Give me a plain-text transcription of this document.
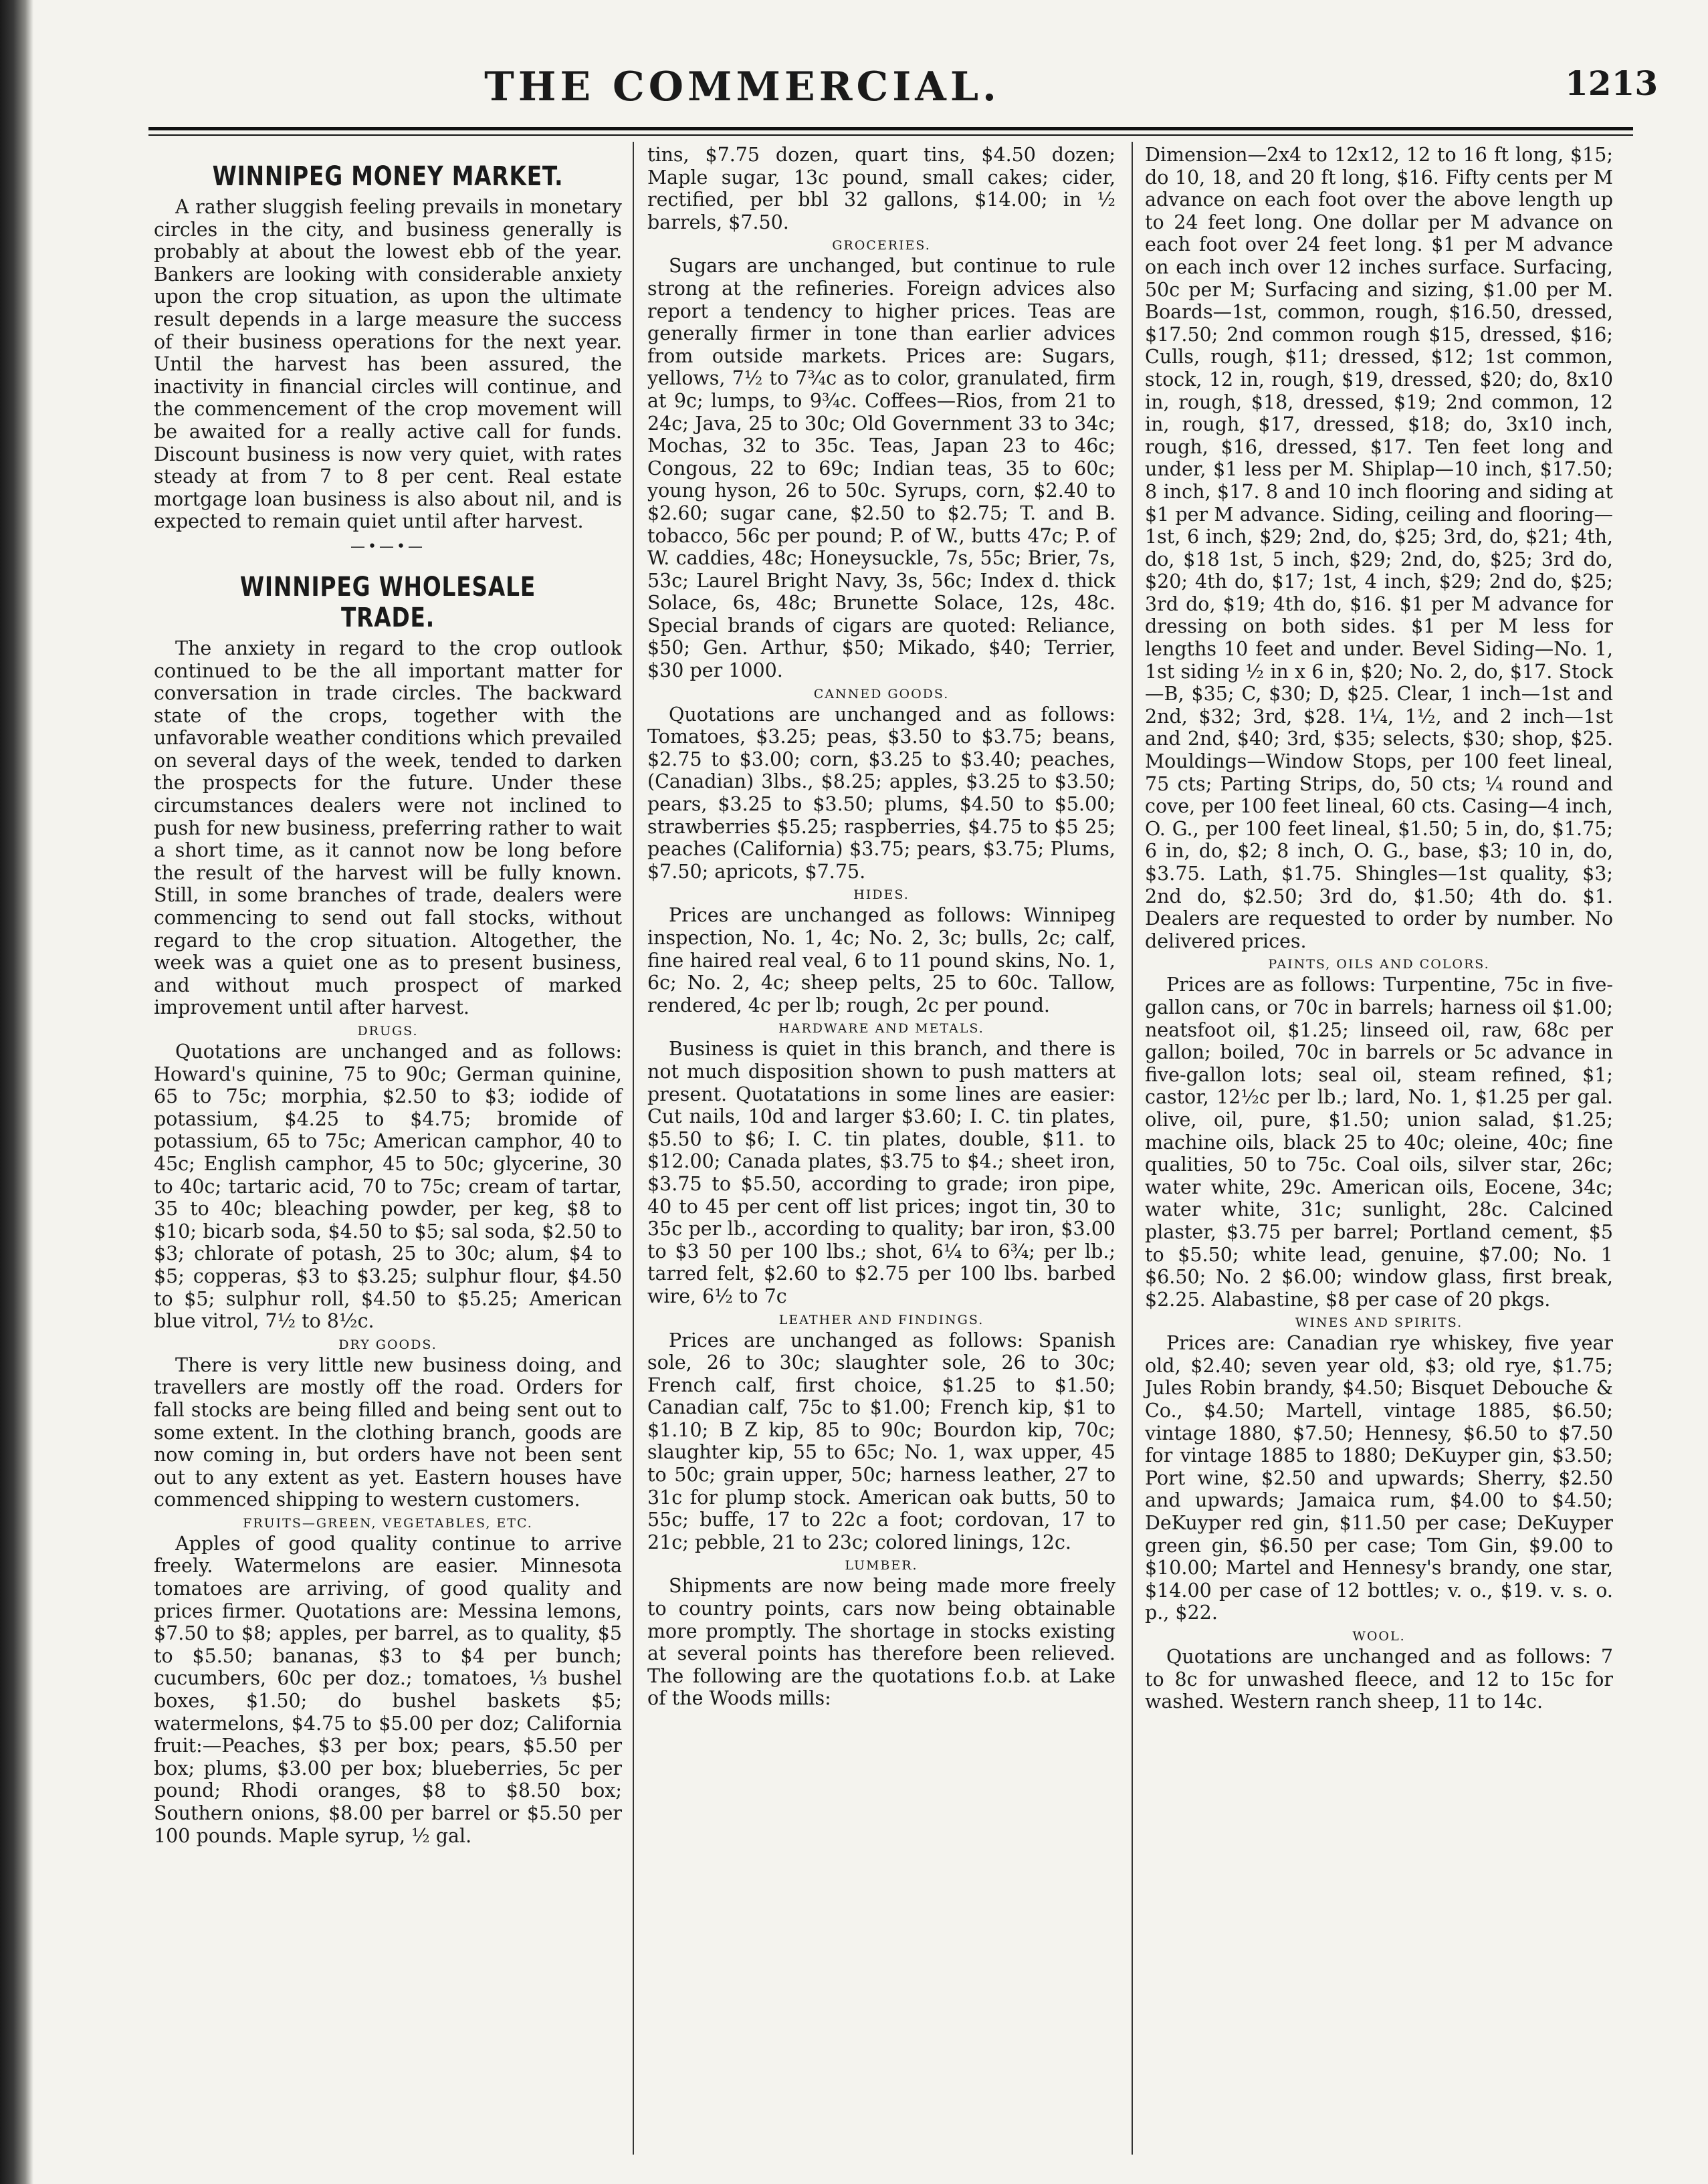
THE COMMERCIAL.	1213
WINNIPEG MONEY MARKET.

A rather sluggish feeling prevails in monetary circles in the city, and business generally is probably at about the lowest ebb of the year. Bankers are looking with considerable anxiety upon the crop situation, as upon the ultimate result depends in a large measure the success of their business operations for the next year. Until the harvest has been assured, the inactivity in financial circles will continue, and the commencement of the crop movement will be awaited for a really active call for funds. Discount business is now very quiet, with rates steady at from 7 to 8 per cent. Real estate mortgage loan business is also about nil, and is expected to remain quiet until after harvest.

—•—•—
WINNIPEG WHOLESALE TRADE.

The anxiety in regard to the crop outlook continued to be the all important matter for conversation in trade circles. The backward state of the crops, together with the unfavorable weather conditions which prevailed on several days of the week, tended to darken the prospects for the future. Under these circumstances dealers were not inclined to push for new business, preferring rather to wait a short time, as it cannot now be long before the result of the harvest will be fully known. Still, in some branches of trade, dealers were commencing to send out fall stocks, without regard to the crop situation. Altogether, the week was a quiet one as to present business, and without much prospect of marked improvement until after harvest.

DRUGS.

Quotations are unchanged and as follows: Howard's quinine, 75 to 90c; German quinine, 65 to 75c; morphia, $2.50 to $3; iodide of potassium, $4.25 to $4.75; bromide of potassium, 65 to 75c; American camphor, 40 to 45c; English camphor, 45 to 50c; glycerine, 30 to 40c; tartaric acid, 70 to 75c; cream of tartar, 35 to 40c; bleaching powder, per keg, $8 to $10; bicarb soda, $4.50 to $5; sal soda, $2.50 to $3; chlorate of potash, 25 to 30c; alum, $4 to $5; copperas, $3 to $3.25; sulphur flour, $4.50 to $5; sulphur roll, $4.50 to $5.25; American blue vitrol, 7½ to 8½c.

DRY GOODS.

There is very little new business doing, and travellers are mostly off the road. Orders for fall stocks are being filled and being sent out to some extent. In the clothing branch, goods are now coming in, but orders have not been sent out to any extent as yet. Eastern houses have commenced shipping to western customers.

FRUITS—GREEN, VEGETABLES, ETC.

Apples of good quality continue to arrive freely. Watermelons are easier. Minnesota tomatoes are arriving, of good quality and prices firmer. Quotations are: Messina lemons, $7.50 to $8; apples, per barrel, as to quality, $5 to $5.50; bananas, $3 to $4 per bunch; cucumbers, 60c per doz.; tomatoes, ⅓ bushel boxes, $1.50; do bushel baskets $5; watermelons, $4.75 to $5.00 per doz; California fruit:—Peaches, $3 per box; pears, $5.50 per box; plums, $3.00 per box; blueberries, 5c per pound; Rhodi oranges, $8 to $8.50 box; Southern onions, $8.00 per barrel or $5.50 per 100 pounds. Maple syrup, ½ gal.

tins, $7.75 dozen, quart tins, $4.50 dozen; Maple sugar, 13c pound, small cakes; cider, rectified, per bbl 32 gallons, $14.00; in ½ barrels, $7.50.

GROCERIES.

Sugars are unchanged, but continue to rule strong at the refineries. Foreign advices also report a tendency to higher prices. Teas are generally firmer in tone than earlier advices from outside markets. Prices are: Sugars, yellows, 7½ to 7¾c as to color, granulated, firm at 9c; lumps, to 9¾c. Coffees—Rios, from 21 to 24c; Java, 25 to 30c; Old Government 33 to 34c; Mochas, 32 to 35c. Teas, Japan 23 to 46c; Congous, 22 to 69c; Indian teas, 35 to 60c; young hyson, 26 to 50c. Syrups, corn, $2.40 to $2.60; sugar cane, $2.50 to $2.75; T. and B. tobacco, 56c per pound; P. of W., butts 47c; P. of W. caddies, 48c; Honeysuckle, 7s, 55c; Brier, 7s, 53c; Laurel Bright Navy, 3s, 56c; Index d. thick Solace, 6s, 48c; Brunette Solace, 12s, 48c. Special brands of cigars are quoted: Reliance, $50; Gen. Arthur, $50; Mikado, $40; Terrier, $30 per 1000.

CANNED GOODS.

Quotations are unchanged and as follows: Tomatoes, $3.25; peas, $3.50 to $3.75; beans, $2.75 to $3.00; corn, $3.25 to $3.40; peaches, (Canadian) 3lbs., $8.25; apples, $3.25 to $3.50; pears, $3.25 to $3.50; plums, $4.50 to $5.00; strawberries $5.25; raspberries, $4.75 to $5 25; peaches (California) $3.75; pears, $3.75; Plums, $7.50; apricots, $7.75.

HIDES.

Prices are unchanged as follows: Winnipeg inspection, No. 1, 4c; No. 2, 3c; bulls, 2c; calf, fine haired real veal, 6 to 11 pound skins, No. 1, 6c; No. 2, 4c; sheep pelts, 25 to 60c. Tallow, rendered, 4c per lb; rough, 2c per pound.

HARDWARE AND METALS.

Business is quiet in this branch, and there is not much disposition shown to push matters at present. Quotatations in some lines are easier: Cut nails, 10d and larger $3.60; I. C. tin plates, $5.50 to $6; I. C. tin plates, double, $11. to $12.00; Canada plates, $3.75 to $4.; sheet iron, $3.75 to $5.50, according to grade; iron pipe, 40 to 45 per cent off list prices; ingot tin, 30 to 35c per lb., according to quality; bar iron, $3.00 to $3 50 per 100 lbs.; shot, 6¼ to 6¾; per lb.; tarred felt, $2.60 to $2.75 per 100 lbs. barbed wire, 6½ to 7c

LEATHER AND FINDINGS.

Prices are unchanged as follows: Spanish sole, 26 to 30c; slaughter sole, 26 to 30c; French calf, first choice, $1.25 to $1.50; Canadian calf, 75c to $1.00; French kip, $1 to $1.10; B Z kip, 85 to 90c; Bourdon kip, 70c; slaughter kip, 55 to 65c; No. 1, wax upper, 45 to 50c; grain upper, 50c; harness leather, 27 to 31c for plump stock. American oak butts, 50 to 55c; buffe, 17 to 22c a foot; cordovan, 17 to 21c; pebble, 21 to 23c; colored linings, 12c.

LUMBER.

Shipments are now being made more freely to country points, cars now being obtainable more promptly. The shortage in stocks existing at several points has therefore been relieved. The following are the quotations f.o.b. at Lake of the Woods mills:

Dimension—2x4 to 12x12, 12 to 16 ft long, $15; do 10, 18, and 20 ft long, $16. Fifty cents per M advance on each foot over the above length up to 24 feet long. One dollar per M advance on each foot over 24 feet long. $1 per M advance on each inch over 12 inches surface. Surfacing, 50c per M; Surfacing and sizing, $1.00 per M. Boards—1st, common, rough, $16.50, dressed, $17.50; 2nd common rough $15, dressed, $16; Culls, rough, $11; dressed, $12; 1st common, stock, 12 in, rough, $19, dressed, $20; do, 8x10 in, rough, $18, dressed, $19; 2nd common, 12 in, rough, $17, dressed, $18; do, 3x10 inch, rough, $16, dressed, $17. Ten feet long and under, $1 less per M. Shiplap—10 inch, $17.50; 8 inch, $17. 8 and 10 inch flooring and siding at $1 per M advance. Siding, ceiling and flooring—1st, 6 inch, $29; 2nd, do, $25; 3rd, do, $21; 4th, do, $18 1st, 5 inch, $29; 2nd, do, $25; 3rd do, $20; 4th do, $17; 1st, 4 inch, $29; 2nd do, $25; 3rd do, $19; 4th do, $16. $1 per M advance for dressing on both sides. $1 per M less for lengths 10 feet and under. Bevel Siding—No. 1, 1st siding ½ in x 6 in, $20; No. 2, do, $17. Stock—B, $35; C, $30; D, $25. Clear, 1 inch—1st and 2nd, $32; 3rd, $28. 1¼, 1½, and 2 inch—1st and 2nd, $40; 3rd, $35; selects, $30; shop, $25. Mouldings—Window Stops, per 100 feet lineal, 75 cts; Parting Strips, do, 50 cts; ¼ round and cove, per 100 feet lineal, 60 cts. Casing—4 inch, O. G., per 100 feet lineal, $1.50; 5 in, do, $1.75; 6 in, do, $2; 8 inch, O. G., base, $3; 10 in, do, $3.75. Lath, $1.75. Shingles—1st quality, $3; 2nd do, $2.50; 3rd do, $1.50; 4th do. $1. Dealers are requested to order by number. No delivered prices.

PAINTS, OILS AND COLORS.

Prices are as follows: Turpentine, 75c in five-gallon cans, or 70c in barrels; harness oil $1.00; neatsfoot oil, $1.25; linseed oil, raw, 68c per gallon; boiled, 70c in barrels or 5c advance in five-gallon lots; seal oil, steam refined, $1; castor, 12½c per lb.; lard, No. 1, $1.25 per gal. olive, oil, pure, $1.50; union salad, $1.25; machine oils, black 25 to 40c; oleine, 40c; fine qualities, 50 to 75c. Coal oils, silver star, 26c; water white, 29c. American oils, Eocene, 34c; water white, 31c; sunlight, 28c. Calcined plaster, $3.75 per barrel; Portland cement, $5 to $5.50; white lead, genuine, $7.00; No. 1 $6.50; No. 2 $6.00; window glass, first break, $2.25. Alabastine, $8 per case of 20 pkgs.

WINES AND SPIRITS.

Prices are: Canadian rye whiskey, five year old, $2.40; seven year old, $3; old rye, $1.75; Jules Robin brandy, $4.50; Bisquet Debouche & Co., $4.50; Martell, vintage 1885, $6.50; vintage 1880, $7.50; Hennesy, $6.50 to $7.50 for vintage 1885 to 1880; DeKuyper gin, $3.50; Port wine, $2.50 and upwards; Sherry, $2.50 and upwards; Jamaica rum, $4.00 to $4.50; DeKuyper red gin, $11.50 per case; DeKuyper green gin, $6.50 per case; Tom Gin, $9.00 to $10.00; Martel and Hennesy's brandy, one star, $14.00 per case of 12 bottles; v. o., $19. v. s. o. p., $22.

WOOL.

Quotations are unchanged and as follows: 7 to 8c for unwashed fleece, and 12 to 15c for washed. Western ranch sheep, 11 to 14c.
